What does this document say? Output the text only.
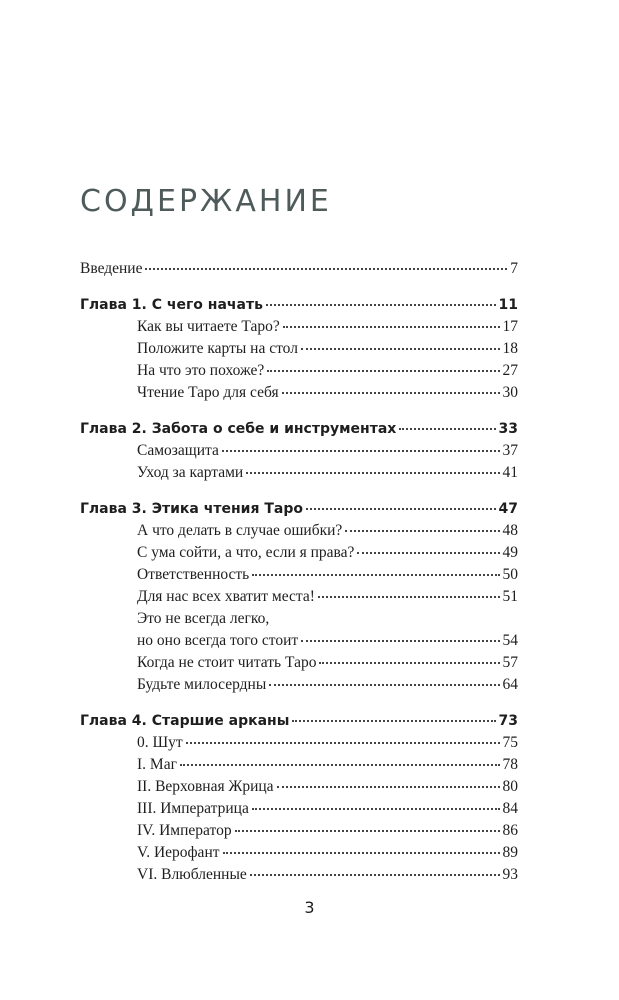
СОДЕРЖАНИЕ
Введение	7
Глава 1. С чего начать	11
Как вы читаете Таро?	17
Положите карты на стол	18
На что это похоже?	27
Чтение Таро для себя	30
Глава 2. Забота о себе и инструментах	33
Самозащита	37
Уход за картами	41
Глава 3. Этика чтения Таро	47
А что делать в случае ошибки?	48
С ума сойти, а что, если я права?	49
Ответственность	50
Для нас всех хватит места!	51
Это не всегда легко,
но оно всегда того стоит	54
Когда не стоит читать Таро	57
Будьте милосердны	64
Глава 4. Старшие арканы	73
0. Шут	75
I. Маг	78
II. Верховная Жрица	80
III. Императрица	84
IV. Император	86
V. Иерофант	89
VI. Влюбленные	93
3
